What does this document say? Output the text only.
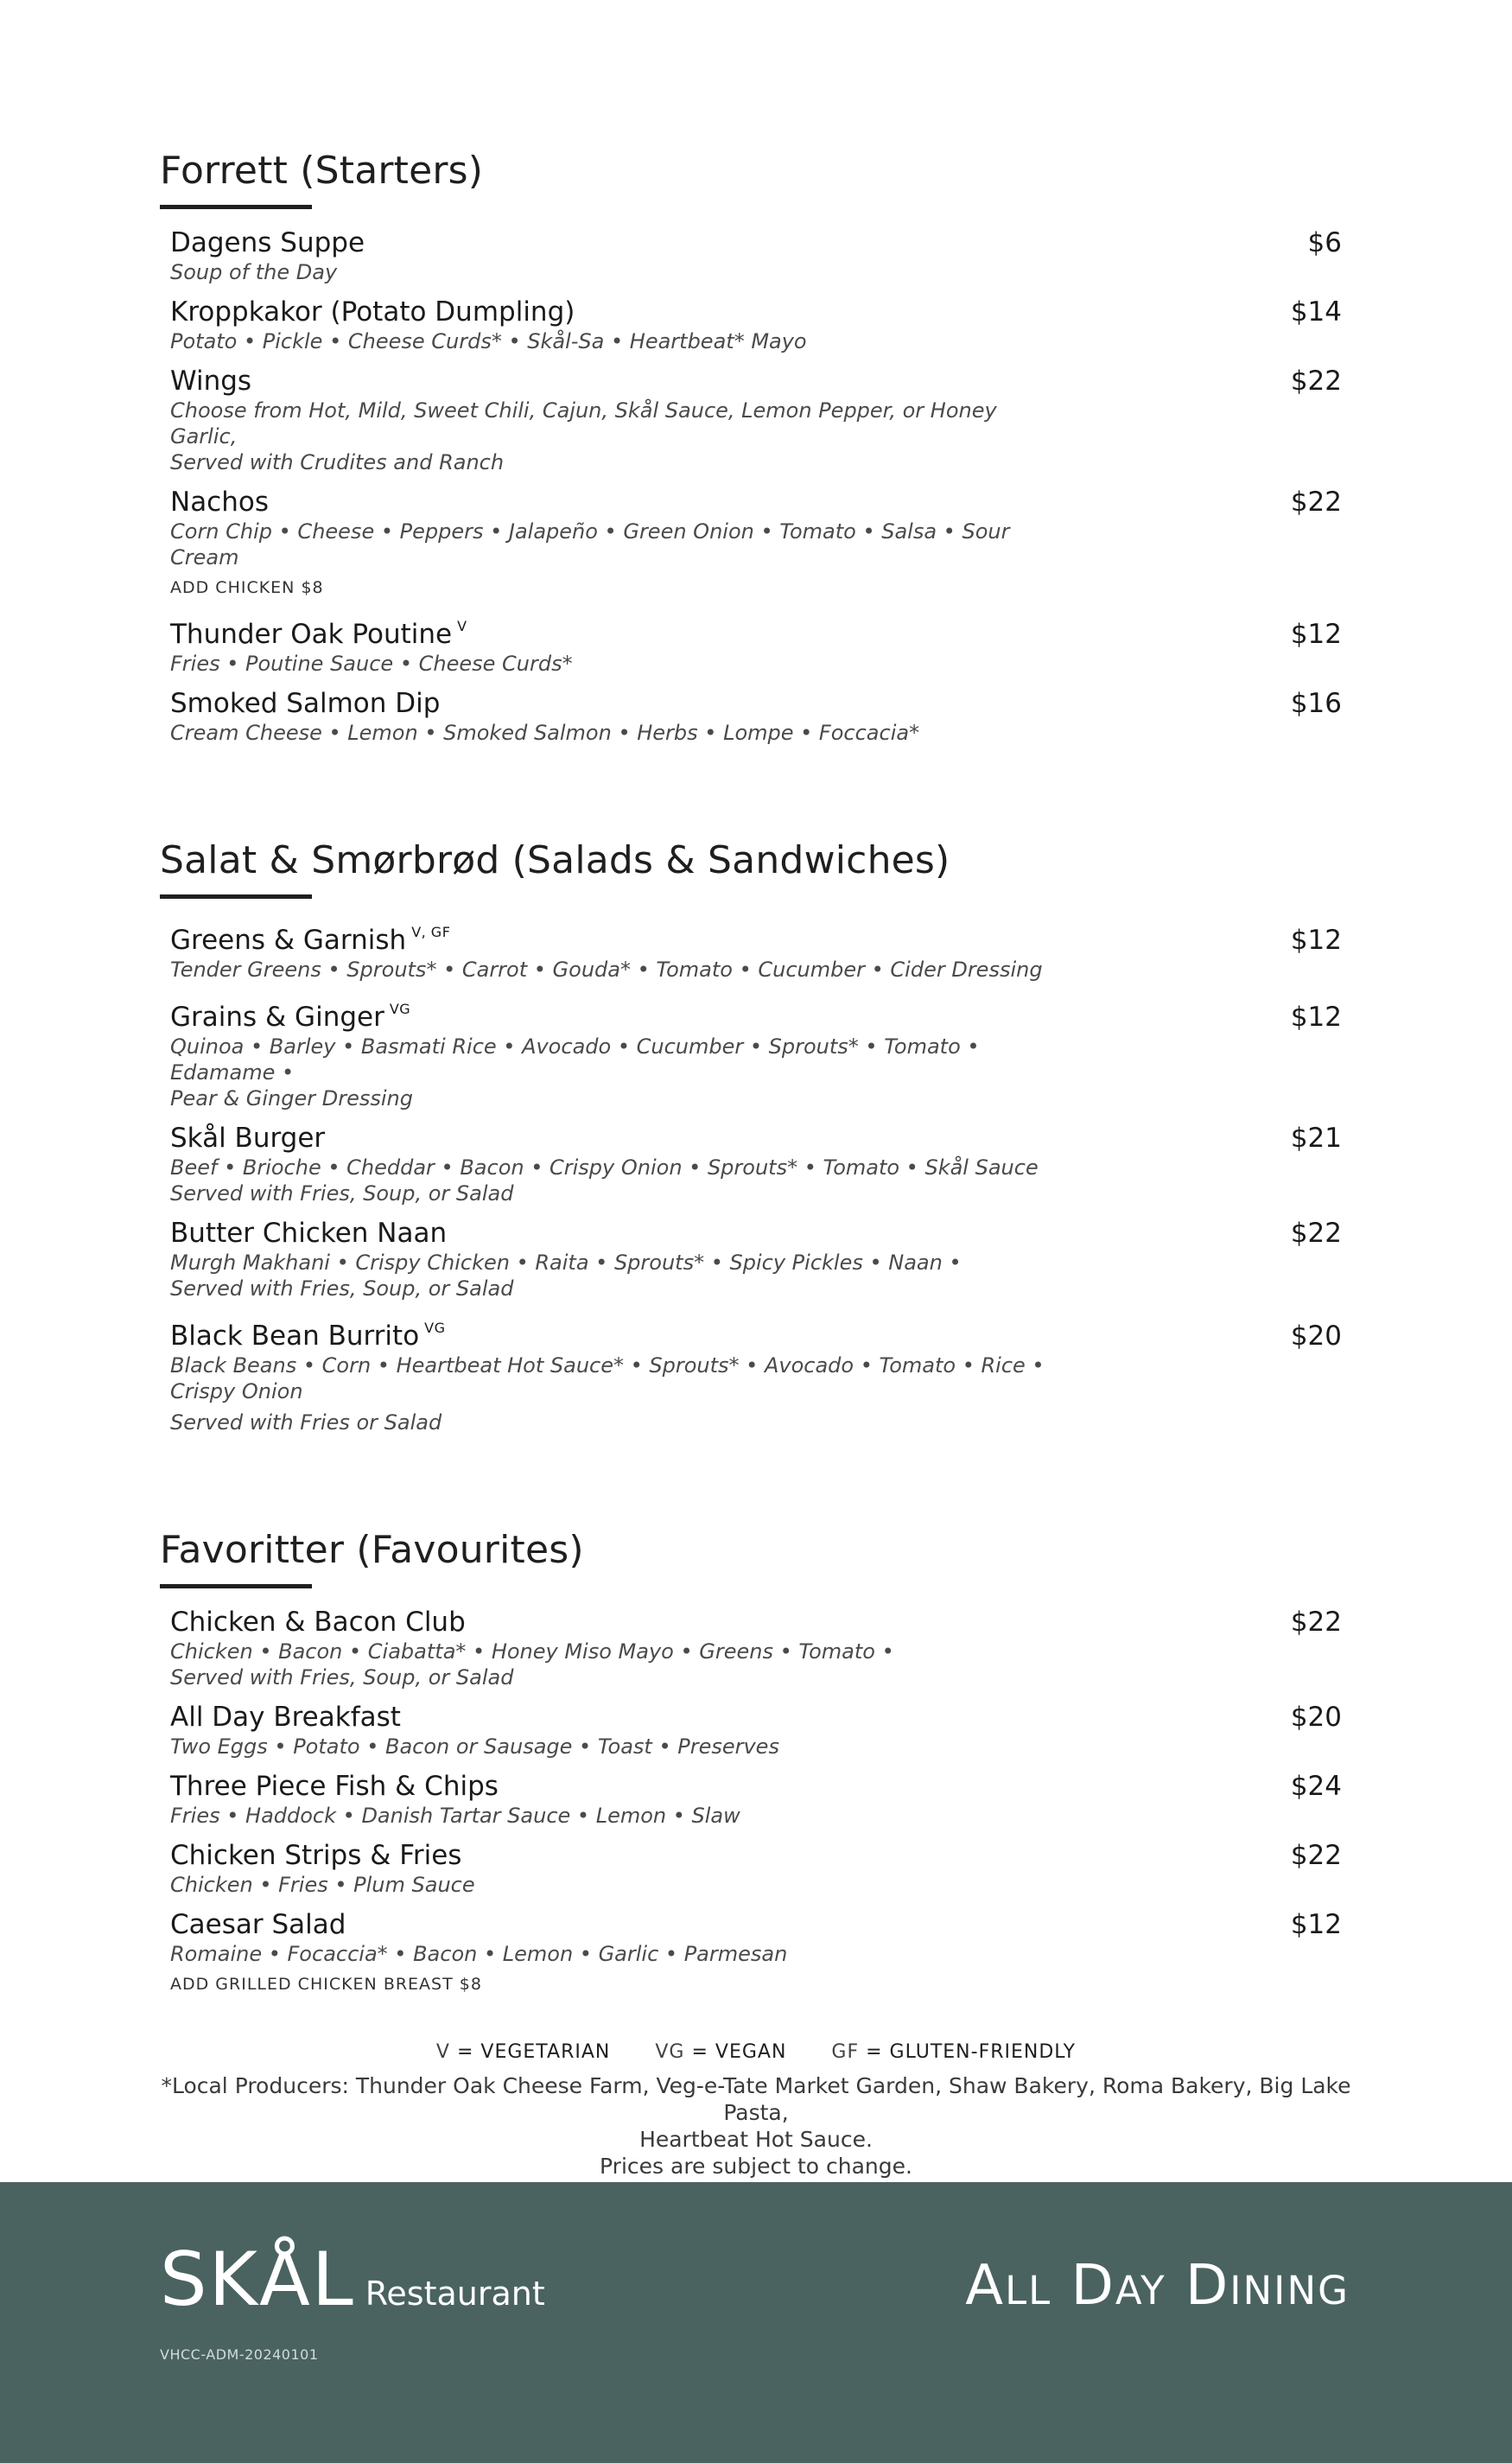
Forrett (Starters)
Dagens Suppe	$6
Soup of the Day
Kroppkakor (Potato Dumpling)	$14
Potato • Pickle • Cheese Curds* • Skål-Sa • Heartbeat* Mayo
Wings	$22
Choose from Hot, Mild, Sweet Chili, Cajun, Skål Sauce, Lemon Pepper, or Honey Garlic,
Served with Crudites and Ranch
Nachos	$22
Corn Chip • Cheese • Peppers • Jalapeño • Green Onion • Tomato • Salsa • Sour Cream
ADD CHICKEN $8
Thunder Oak Poutine $^V$	$12
Fries • Poutine Sauce • Cheese Curds*
Smoked Salmon Dip	$16
Cream Cheese • Lemon • Smoked Salmon • Herbs • Lompe • Foccacia*
Salat & Smørbrød (Salads & Sandwiches)
Greens & Garnish $^{V, GF}$	$12
Tender Greens • Sprouts* • Carrot • Gouda* • Tomato • Cucumber • Cider Dressing
Grains & Ginger $^{VG}$	$12
Quinoa • Barley • Basmati Rice • Avocado • Cucumber • Sprouts* • Tomato • Edamame •
Pear & Ginger Dressing
Skål Burger	$21
Beef • Brioche • Cheddar • Bacon • Crispy Onion • Sprouts* • Tomato • Skål Sauce
Served with Fries, Soup, or Salad
Butter Chicken Naan	$22
Murgh Makhani • Crispy Chicken • Raita • Sprouts* • Spicy Pickles • Naan •
Served with Fries, Soup, or Salad
Black Bean Burrito $^{VG}$	$20
Black Beans • Corn • Heartbeat Hot Sauce* • Sprouts* • Avocado • Tomato • Rice •
Crispy Onion
Served with Fries or Salad
Favoritter (Favourites)
Chicken & Bacon Club	$22
Chicken • Bacon • Ciabatta* • Honey Miso Mayo • Greens • Tomato •
Served with Fries, Soup, or Salad
All Day Breakfast	$20
Two Eggs • Potato • Bacon or Sausage • Toast • Preserves
Three Piece Fish & Chips	$24
Fries • Haddock • Danish Tartar Sauce • Lemon • Slaw
Chicken Strips & Fries	$22
Chicken • Fries • Plum Sauce
Caesar Salad	$12
Romaine • Focaccia* • Bacon • Lemon • Garlic • Parmesan
ADD GRILLED CHICKEN BREAST $8
V = VEGETARIAN VG = VEGAN GF = GLUTEN-FRIENDLY
*Local Producers: Thunder Oak Cheese Farm, Veg-e-Tate Market Garden, Shaw Bakery, Roma Bakery, Big Lake Pasta,
Heartbeat Hot Sauce.
Prices are subject to change.
SKÅL Restaurant
VHCC-ADM-20240101
All Day Dining
